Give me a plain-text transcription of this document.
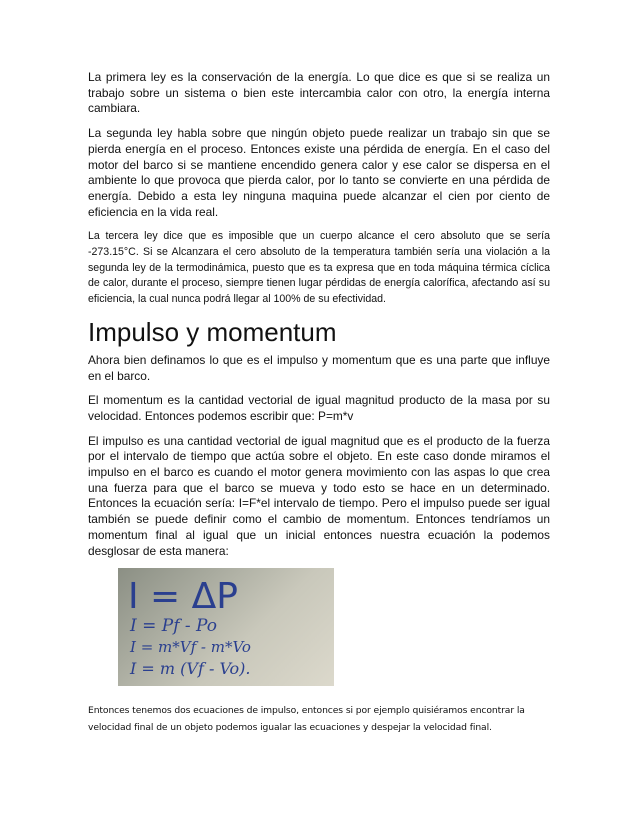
La primera ley es la conservación de la energía. Lo que dice es que si se realiza un trabajo sobre un sistema o bien este intercambia calor con otro, la energía interna cambiara.

La segunda ley habla sobre que ningún objeto puede realizar un trabajo sin que se pierda energía en el proceso. Entonces existe una pérdida de energía. En el caso del motor del barco si se mantiene encendido genera calor y ese calor se dispersa en el ambiente lo que provoca que pierda calor, por lo tanto se convierte en una pérdida de energía. Debido a esta ley ninguna maquina puede alcanzar el cien por ciento de eficiencia en la vida real.

La tercera ley dice que es imposible que un cuerpo alcance el cero absoluto que se sería -273.15°C. Si se Alcanzara el cero absoluto de la temperatura también sería una violación a la segunda ley de la termodinámica, puesto que es ta expresa que en toda máquina térmica cíclica de calor, durante el proceso, siempre tienen lugar pérdidas de energía calorífica, afectando así su eficiencia, la cual nunca podrá llegar al 100% de su efectividad.

Impulso y momentum

Ahora bien definamos lo que es el impulso y momentum que es una parte que influye en el barco.

El momentum es la cantidad vectorial de igual magnitud producto de la masa por su velocidad. Entonces podemos escribir que: P=m*v

El impulso es una cantidad vectorial de igual magnitud que es el producto de la fuerza por el intervalo de tiempo que actúa sobre el objeto. En este caso donde miramos el impulso en el barco es cuando el motor genera movimiento con las aspas lo que crea una fuerza para que el barco se mueva y todo esto se hace en un determinado. Entonces la ecuación sería: I=F*el intervalo de tiempo. Pero el impulso puede ser igual también se puede definir como el cambio de momentum. Entonces tendríamos un momentum final al igual que un inicial entonces nuestra ecuación la podemos desglosar de esta manera:

I = ΔP
I = Pf - Po
I = m*Vf - m*Vo
I = m (Vf - Vo).

Entonces tenemos dos ecuaciones de impulso, entonces si por ejemplo quisiéramos encontrar la velocidad final de un objeto podemos igualar las ecuaciones y despejar la velocidad final.
